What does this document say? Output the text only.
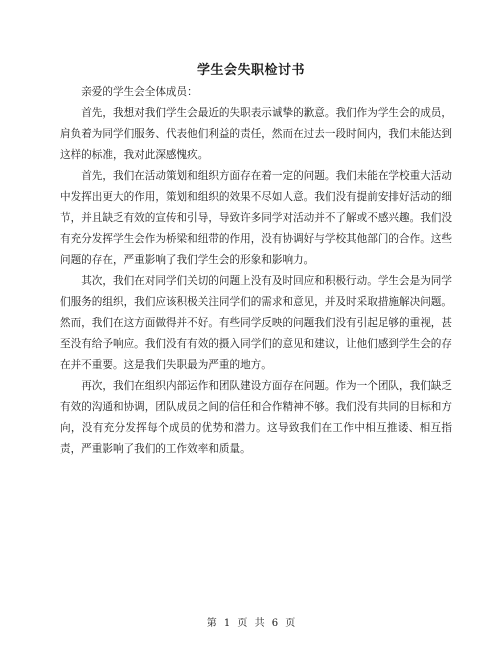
学生会失职检讨书

亲爱的学生会全体成员：

首先，我想对我们学生会最近的失职表示诚挚的歉意。我们作为学生会的成员，肩负着为同学们服务、代表他们利益的责任，然而在过去一段时间内，我们未能达到这样的标准，我对此深感愧疚。

首先，我们在活动策划和组织方面存在着一定的问题。我们未能在学校重大活动中发挥出更大的作用，策划和组织的效果不尽如人意。我们没有提前安排好活动的细节，并且缺乏有效的宣传和引导，导致许多同学对活动并不了解或不感兴趣。我们没有充分发挥学生会作为桥梁和纽带的作用，没有协调好与学校其他部门的合作。这些问题的存在，严重影响了我们学生会的形象和影响力。

其次，我们在对同学们关切的问题上没有及时回应和积极行动。学生会是为同学们服务的组织，我们应该积极关注同学们的需求和意见，并及时采取措施解决问题。然而，我们在这方面做得并不好。有些同学反映的问题我们没有引起足够的重视，甚至没有给予响应。我们没有有效的摄入同学们的意见和建议，让他们感到学生会的存在并不重要。这是我们失职最为严重的地方。

再次，我们在组织内部运作和团队建设方面存在问题。作为一个团队，我们缺乏有效的沟通和协调，团队成员之间的信任和合作精神不够。我们没有共同的目标和方向，没有充分发挥每个成员的优势和潜力。这导致我们在工作中相互推诿、相互指责，严重影响了我们的工作效率和质量。

第 1 页 共 6 页
